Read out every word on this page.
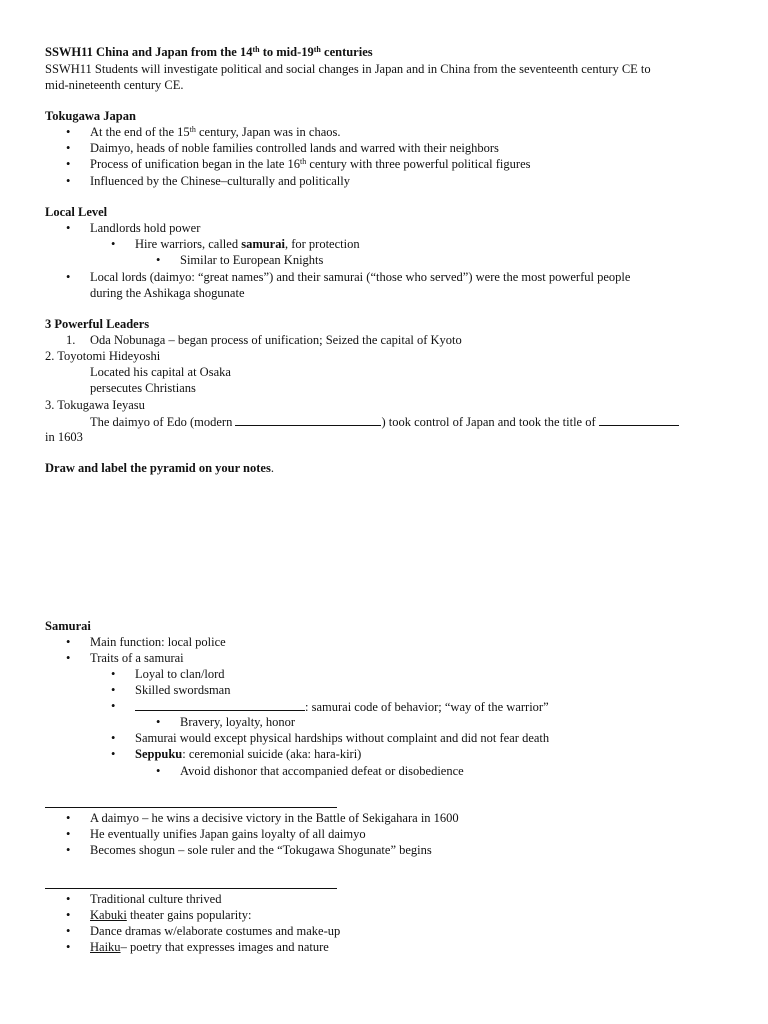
SSWH11 China and Japan from the 14th to mid-19th centuries
SSWH11 Students will investigate political and social changes in Japan and in China from the seventeenth century CE to
mid-nineteenth century CE.
Tokugawa Japan
• At the end of the 15th century, Japan was in chaos.
• Daimyo, heads of noble families controlled lands and warred with their neighbors
• Process of unification began in the late 16th century with three powerful political figures
• Influenced by the Chinese–culturally and politically
Local Level
• Landlords hold power
• Hire warriors, called samurai, for protection
• Similar to European Knights
• Local lords (daimyo: “great names”) and their samurai (“those who served”) were the most powerful people
during the Ashikaga shogunate
3 Powerful Leaders
1. Oda Nobunaga – began process of unification; Seized the capital of Kyoto
2. Toyotomi Hideyoshi
Located his capital at Osaka
persecutes Christians
3. Tokugawa Ieyasu
The daimyo of Edo (modern	) took control of Japan and took the title of
in 1603
Draw and label the pyramid on your notes.
Samurai
• Main function: local police
• Traits of a samurai
• Loyal to clan/lord
• Skilled swordsman
• : samurai code of behavior; “way of the warrior”
• Bravery, loyalty, honor
• Samurai would except physical hardships without complaint and did not fear death
• Seppuku: ceremonial suicide (aka: hara-kiri)
• Avoid dishonor that accompanied defeat or disobedience
• A daimyo – he wins a decisive victory in the Battle of Sekigahara in 1600
• He eventually unifies Japan gains loyalty of all daimyo
• Becomes shogun – sole ruler and the “Tokugawa Shogunate” begins
• Traditional culture thrived
• Kabuki theater gains popularity:
• Dance dramas w/elaborate costumes and make-up
• Haiku– poetry that expresses images and nature
